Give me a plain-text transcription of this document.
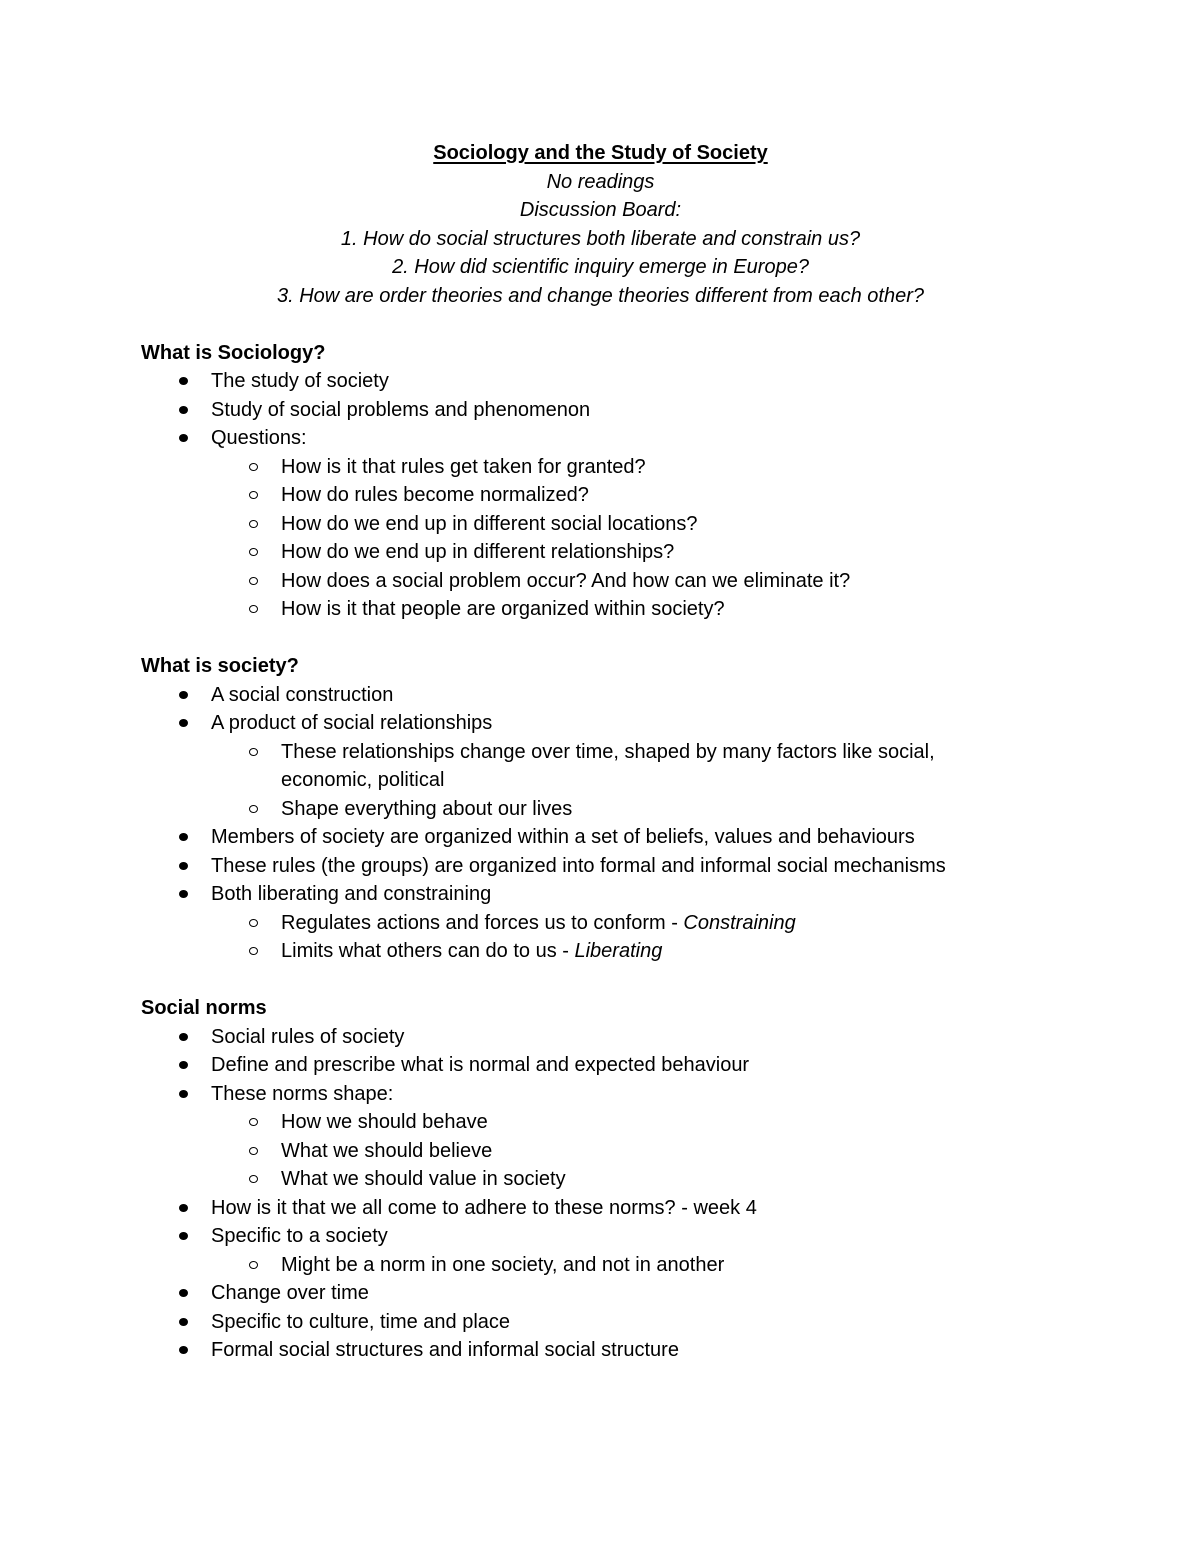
Sociology and the Study of Society
No readings
Discussion Board:
1. How do social structures both liberate and constrain us?
2. How did scientific inquiry emerge in Europe?
3. How are order theories and change theories different from each other?
What is Sociology?
The study of society
Study of social problems and phenomenon
Questions:
How is it that rules get taken for granted?
How do rules become normalized?
How do we end up in different social locations?
How do we end up in different relationships?
How does a social problem occur? And how can we eliminate it?
How is it that people are organized within society?
What is society?
A social construction
A product of social relationships
These relationships change over time, shaped by many factors like social, economic, political
Shape everything about our lives
Members of society are organized within a set of beliefs, values and behaviours
These rules (the groups) are organized into formal and informal social mechanisms
Both liberating and constraining
Regulates actions and forces us to conform - Constraining
Limits what others can do to us - Liberating
Social norms
Social rules of society
Define and prescribe what is normal and expected behaviour
These norms shape:
How we should behave
What we should believe
What we should value in society
How is it that we all come to adhere to these norms? - week 4
Specific to a society
Might be a norm in one society, and not in another
Change over time
Specific to culture, time and place
Formal social structures and informal social structure
